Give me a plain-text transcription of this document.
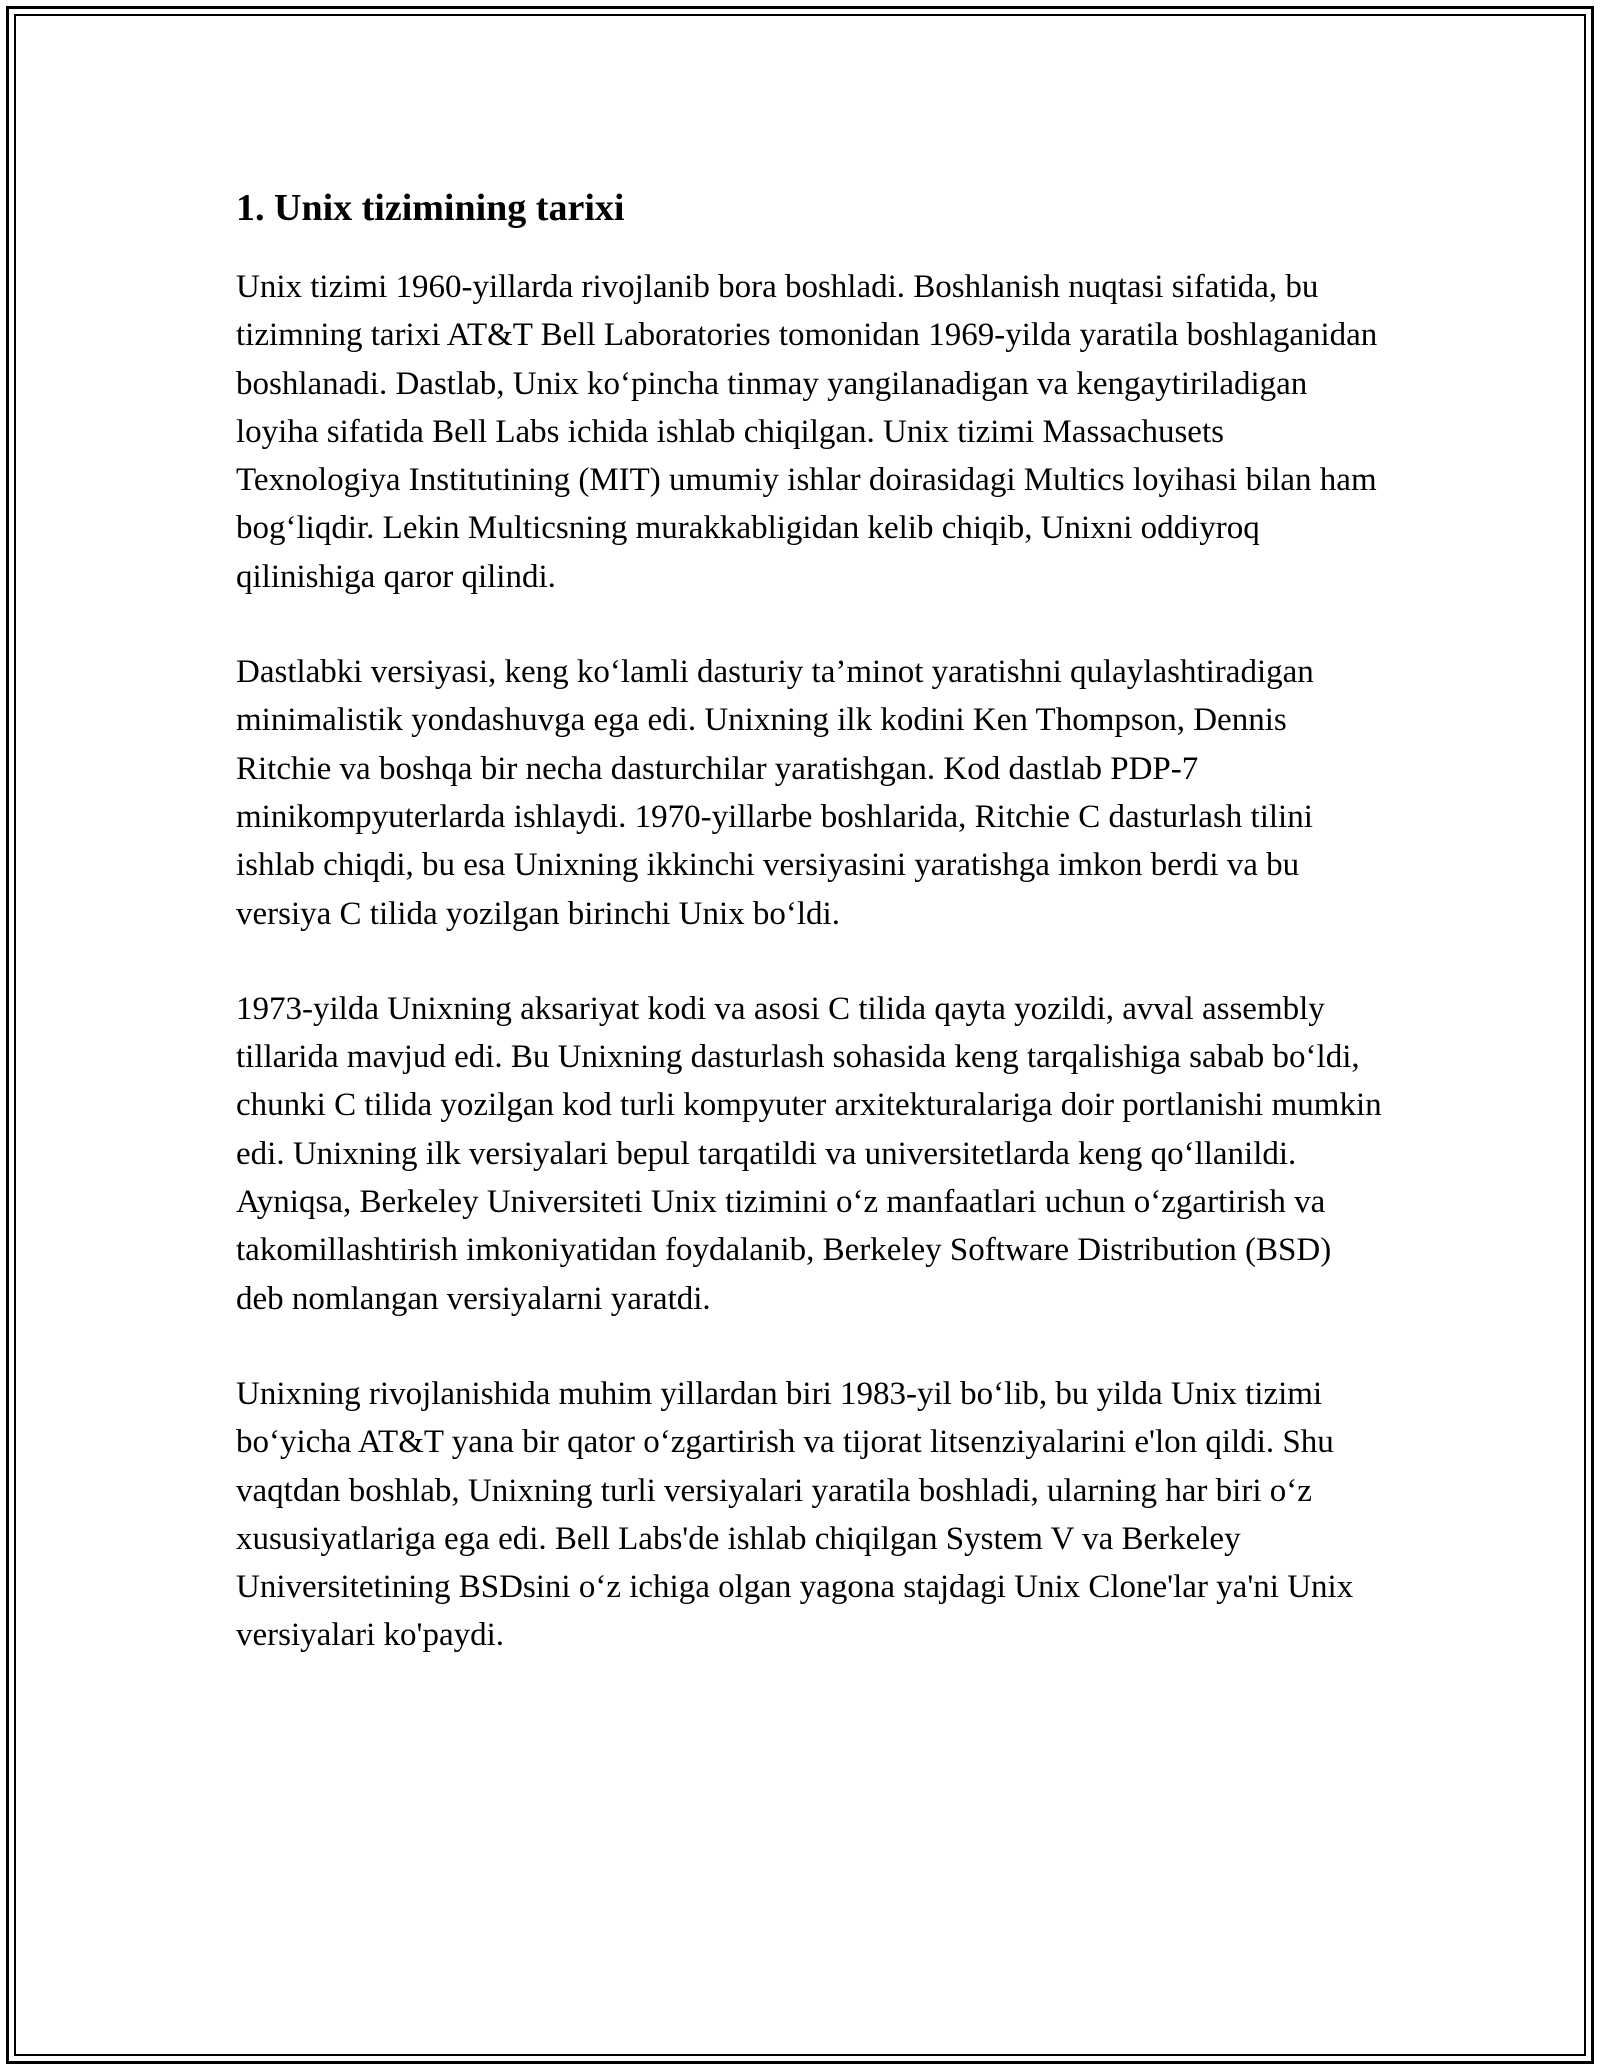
1. Unix tizimining tarixi

Unix tizimi 1960-yillarda rivojlanib bora boshladi. Boshlanish nuqtasi sifatida, bu tizimning tarixi AT&T Bell Laboratories tomonidan 1969-yilda yaratila boshlaganidan boshlanadi. Dastlab, Unix ko‘pincha tinmay yangilanadigan va kengaytiriladigan loyiha sifatida Bell Labs ichida ishlab chiqilgan. Unix tizimi Massachusets Texnologiya Institutining (MIT) umumiy ishlar doirasidagi Multics loyihasi bilan ham bog‘liqdir. Lekin Multicsning murakkabligidan kelib chiqib, Unixni oddiyroq qilinishiga qaror qilindi.

Dastlabki versiyasi, keng ko‘lamli dasturiy ta’minot yaratishni qulaylashtiradigan minimalistik yondashuvga ega edi. Unixning ilk kodini Ken Thompson, Dennis Ritchie va boshqa bir necha dasturchilar yaratishgan. Kod dastlab PDP-7 minikompyuterlarda ishlaydi. 1970-yillarbe boshlarida, Ritchie C dasturlash tilini ishlab chiqdi, bu esa Unixning ikkinchi versiyasini yaratishga imkon berdi va bu versiya C tilida yozilgan birinchi Unix bo‘ldi.

1973-yilda Unixning aksariyat kodi va asosi C tilida qayta yozildi, avval assembly tillarida mavjud edi. Bu Unixning dasturlash sohasida keng tarqalishiga sabab bo‘ldi, chunki C tilida yozilgan kod turli kompyuter arxitekturalariga doir portlanishi mumkin edi. Unixning ilk versiyalari bepul tarqatildi va universitetlarda keng qo‘llanildi. Ayniqsa, Berkeley Universiteti Unix tizimini o‘z manfaatlari uchun o‘zgartirish va takomillashtirish imkoniyatidan foydalanib, Berkeley Software Distribution (BSD) deb nomlangan versiyalarni yaratdi.

Unixning rivojlanishida muhim yillardan biri 1983-yil bo‘lib, bu yilda Unix tizimi bo‘yicha AT&T yana bir qator o‘zgartirish va tijorat litsenziyalarini e'lon qildi. Shu vaqtdan boshlab, Unixning turli versiyalari yaratila boshladi, ularning har biri o‘z xususiyatlariga ega edi. Bell Labs'de ishlab chiqilgan System V va Berkeley Universitetining BSDsini o‘z ichiga olgan yagona stajdagi Unix Clone'lar ya'ni Unix versiyalari ko'paydi.
